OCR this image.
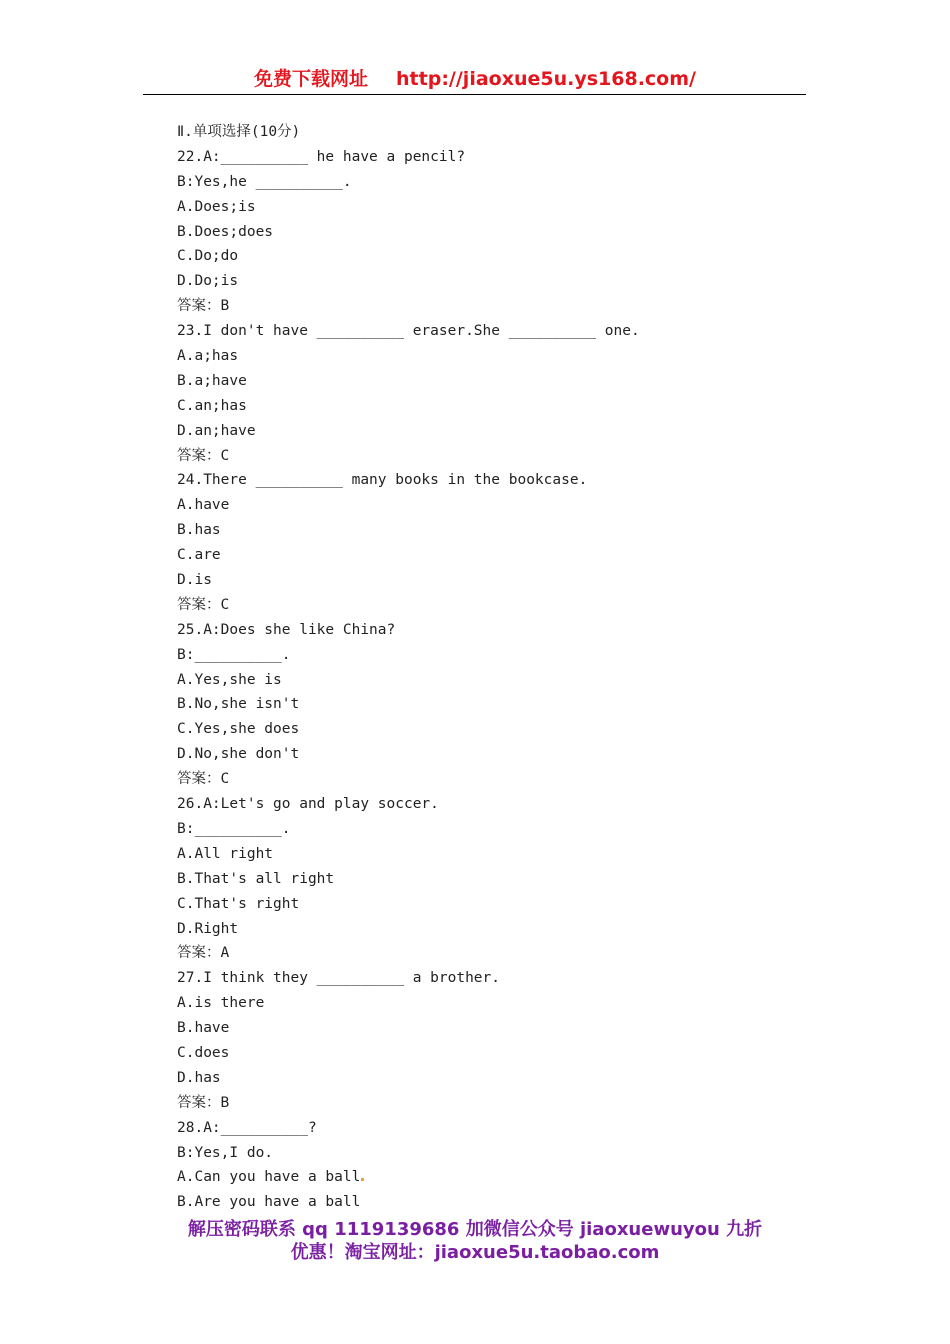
免费下载网址 http://jiaoxue5u.ys168.com/
Ⅱ.单项选择(10分)
22.A:__________ he have a pencil?
B:Yes,he __________.
A.Does;is
B.Does;does
C.Do;do
D.Do;is
答案：B
23.I don't have __________ eraser.She __________ one.
A.a;has
B.a;have
C.an;has
D.an;have
答案：C
24.There __________ many books in the bookcase.
A.have
B.has
C.are
D.is
答案：C
25.A:Does she like China?
B:__________.
A.Yes,she is
B.No,she isn't
C.Yes,she does
D.No,she don't
答案：C
26.A:Let's go and play soccer.
B:__________.
A.All right
B.That's all right
C.That's right
D.Right
答案：A
27.I think they __________ a brother.
A.is there
B.have
C.does
D.has
答案：B
28.A:__________?
B:Yes,I do.
A.Can you have a ball
B.Are you have a ball
解压密码联系 qq 1119139686 加微信公众号 jiaoxuewuyou 九折
优惠！淘宝网址：jiaoxue5u.taobao.com
